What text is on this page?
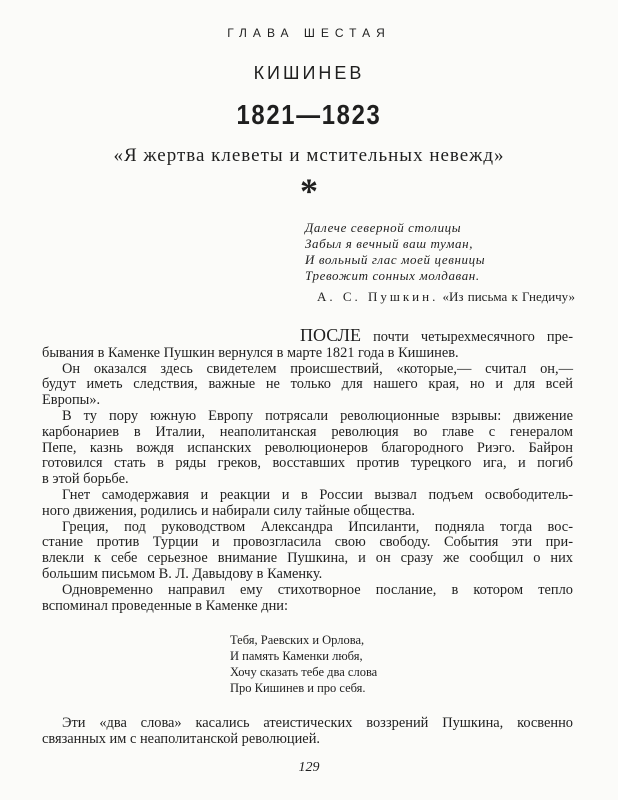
ГЛАВА ШЕСТАЯ
КИШИНЕВ
1821—1823
«Я жертва клеветы и мстительных невежд»
*
Далече северной столицы
Забыл я вечный ваш туман,
И вольный глас моей цевницы
Тревожит сонных молдаван.
А. С. Пушкин. «Из письма к Гнедичу»
ПОСЛЕ почти четырехмесячного пре-
бывания в Каменке Пушкин вернулся в марте 1821 года в Кишинев.
Он оказался здесь свидетелем происшествий, «которые,— считал он,—
будут иметь следствия, важные не только для нашего края, но и для всей
Европы».
В ту пору южную Европу потрясали революционные взрывы: движение
карбонариев в Италии, неаполитанская революция во главе с генералом
Пепе, казнь вождя испанских революционеров благородного Риэго. Байрон
готовился стать в ряды греков, восставших против турецкого ига, и погиб
в этой борьбе.
Гнет самодержавия и реакции и в России вызвал подъем освободитель-
ного движения, родились и набирали силу тайные общества.
Греция, под руководством Александра Ипсиланти, подняла тогда вос-
стание против Турции и провозгласила свою свободу. События эти при-
влекли к себе серьезное внимание Пушкина, и он сразу же сообщил о них
большим письмом В. Л. Давыдову в Каменку.
Одновременно направил ему стихотворное послание, в котором тепло
вспоминал проведенные в Каменке дни:
Тебя, Раевских и Орлова,
И память Каменки любя,
Хочу сказать тебе два слова
Про Кишинев и про себя.
Эти «два слова» касались атеистических воззрений Пушкина, косвенно
связанных им с неаполитанской революцией.
129
